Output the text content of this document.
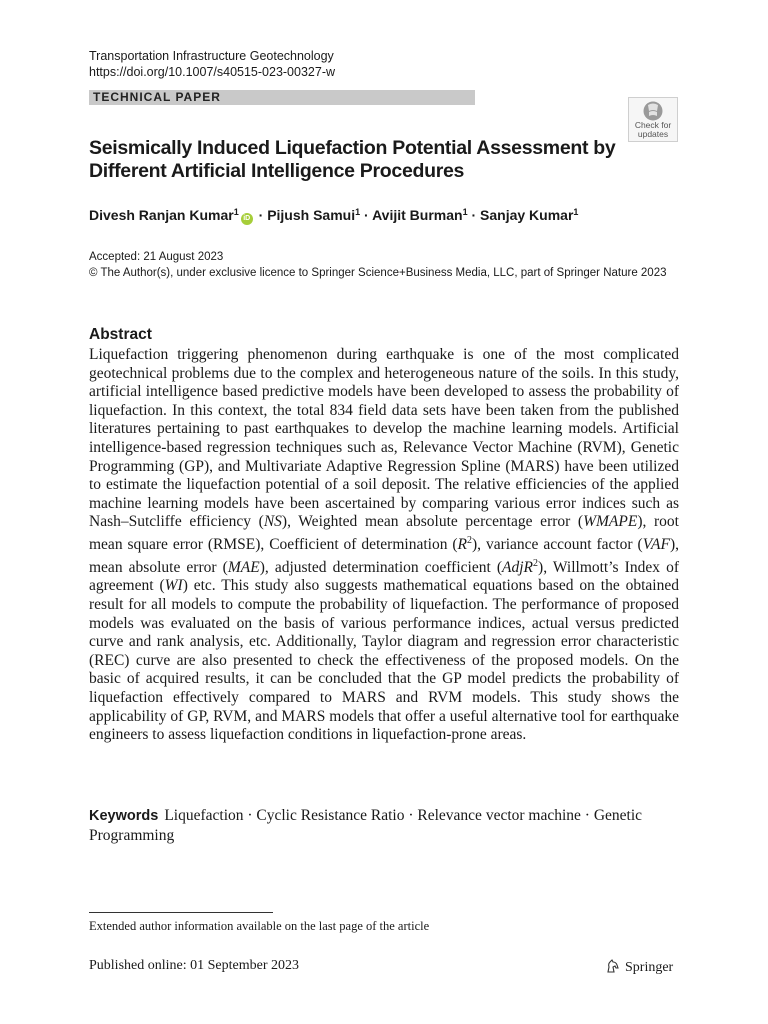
Transportation Infrastructure Geotechnology
https://doi.org/10.1007/s40515-023-00327-w
TECHNICAL PAPER
Check for
updates
Seismically Induced Liquefaction Potential Assessment by Different Artificial Intelligence Procedures
Divesh Ranjan Kumar$^1$iD · Pijush Samui$^1$ · Avijit Burman$^1$ · Sanjay Kumar$^1$
Accepted: 21 August 2023
© The Author(s), under exclusive licence to Springer Science+Business Media, LLC, part of Springer Nature 2023
Abstract
Liquefaction triggering phenomenon during earthquake is one of the most complicated geotechnical problems due to the complex and heterogeneous nature of the soils. In this study, artificial intelligence based predictive models have been developed to assess the probability of liquefaction. In this context, the total 834 field data sets have been taken from the published literatures pertaining to past earthquakes to develop the machine learning models. Artificial intelligence-based regression techniques such as, Relevance Vector Machine (RVM), Genetic Programming (GP), and Multivariate Adaptive Regression Spline (MARS) have been utilized to estimate the liquefaction potential of a soil deposit. The relative efficiencies of the applied machine learning models have been ascertained by comparing various error indices such as Nash–Sutcliffe efficiency (NS), Weighted mean absolute percentage error (WMAPE), root mean square error (RMSE), Coefficient of determination $(R^2)$, variance account factor (VAF), mean absolute error (MAE), adjusted determination coefficient (AdjR$^2$), Willmott’s Index of agreement (WI) etc. This study also suggests mathematical equations based on the obtained result for all models to compute the probability of liquefaction. The performance of proposed models was evaluated on the basis of various performance indices, actual versus predicted curve and rank analysis, etc. Additionally, Taylor diagram and regression error characteristic (REC) curve are also presented to check the effectiveness of the proposed models. On the basic of acquired results, it can be concluded that the GP model predicts the probability of liquefaction effectively compared to MARS and RVM models. This study shows the applicability of GP, RVM, and MARS models that offer a useful alternative tool for earthquake engineers to assess liquefaction conditions in liquefaction-prone areas.
Keywords Liquefaction · Cyclic Resistance Ratio · Relevance vector machine · Genetic Programming
Extended author information available on the last page of the article
Published online: 01 September 2023	Springer
